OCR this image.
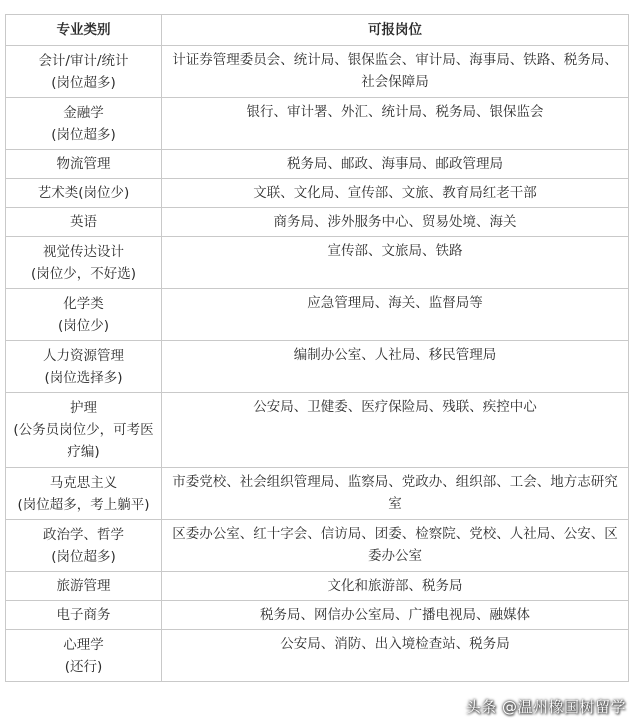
专业类别	可报岗位

会计/审计/统计
(岗位超多)	计证券管理委员会、统计局、银保监会、审计局、海事局、铁路、税务局、社会保障局

金融学
(岗位超多)	银行、审计署、外汇、统计局、税务局、银保监会

物流管理	税务局、邮政、海事局、邮政管理局

艺术类(岗位少)	文联、文化局、宣传部、文旅、教育局红老干部

英语	商务局、涉外服务中心、贸易处境、海关

视觉传达设计
(岗位少，不好选)	宣传部、文旅局、铁路

化学类
(岗位少)	应急管理局、海关、监督局等

人力资源管理
(岗位选择多)	编制办公室、人社局、移民管理局

护理
(公务员岗位少，可考医疗编)	公安局、卫健委、医疗保险局、残联、疾控中心

马克思主义
(岗位超多，考上躺平)	市委党校、社会组织管理局、监察局、党政办、组织部、工会、地方志研究室

政治学、哲学
(岗位超多)	区委办公室、红十字会、信访局、团委、检察院、党校、人社局、公安、区委办公室

旅游管理	文化和旅游部、税务局

电子商务	税务局、网信办公室局、广播电视局、融媒体

心理学
(还行)	公安局、消防、出入境检查站、税务局
头条 @温州橡国树留学
